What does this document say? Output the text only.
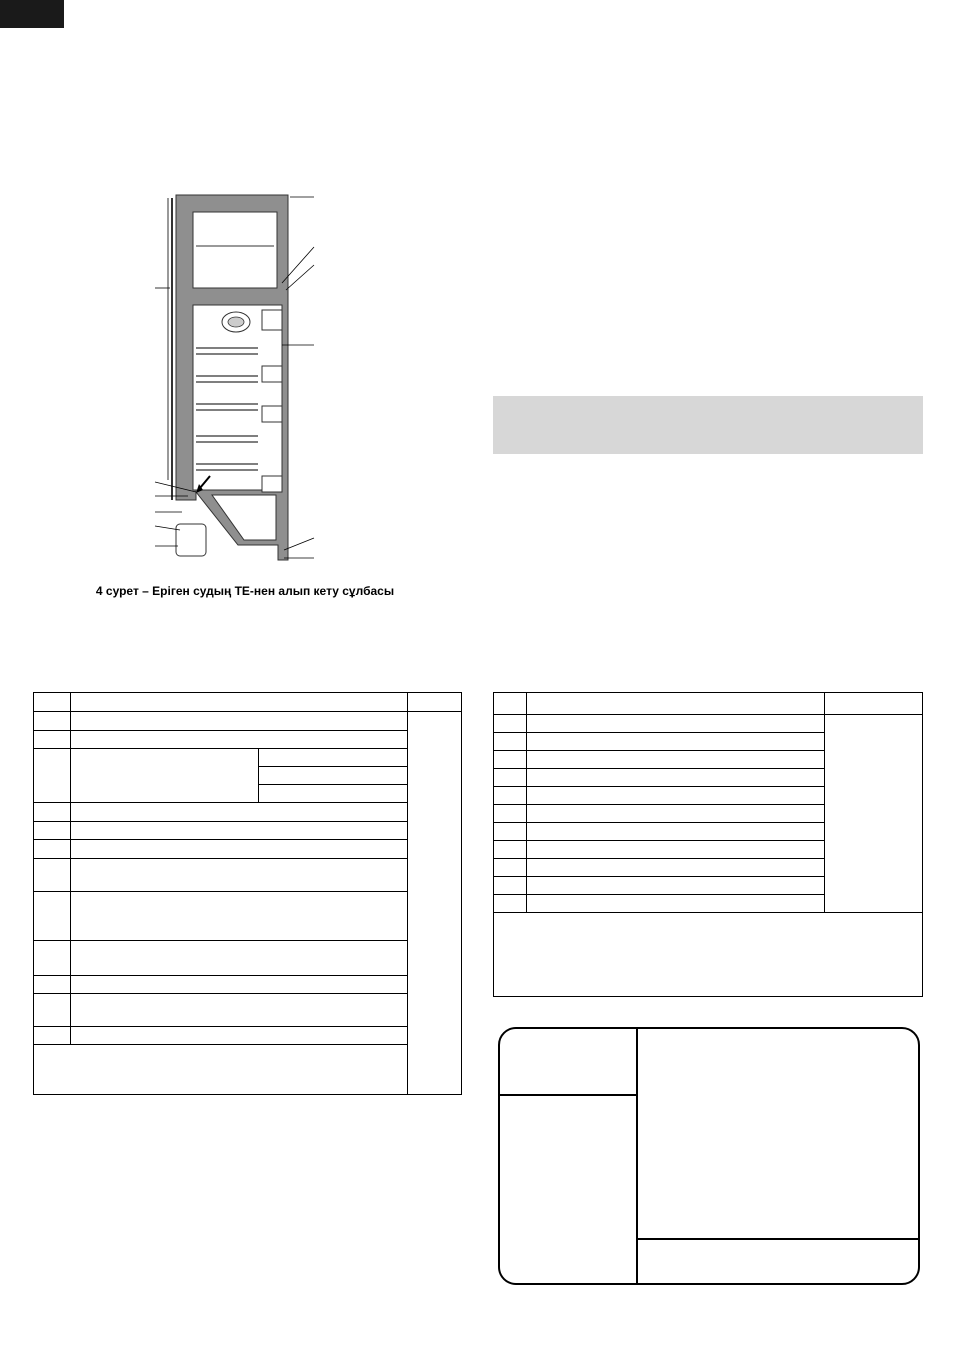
4 сурет – Еріген судың ТЕ-нен алып кету сұлбасы
